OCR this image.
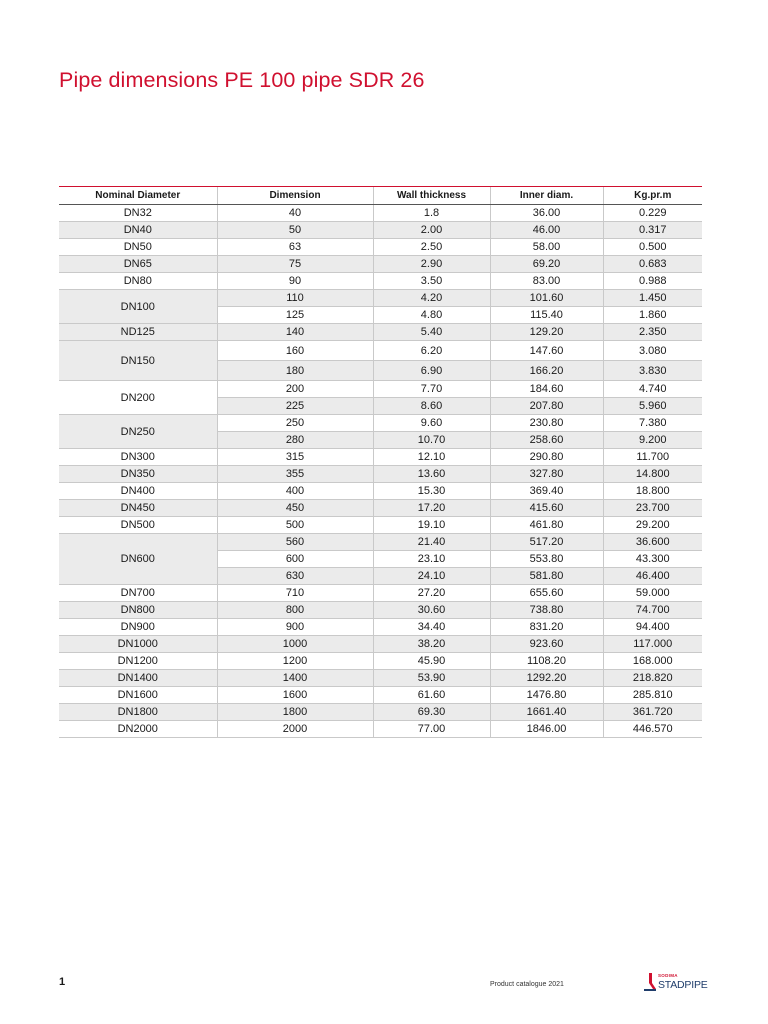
Pipe dimensions PE 100 pipe SDR 26
Nominal Diameter	Dimension	Wall thickness	Inner diam.	Kg.pr.m
DN32	40	1.8	36.00	0.229
DN40	50	2.00	46.00	0.317
DN50	63	2.50	58.00	0.500
DN65	75	2.90	69.20	0.683
DN80	90	3.50	83.00	0.988
DN100	110	4.20	101.60	1.450
	125	4.80	115.40	1.860
ND125	140	5.40	129.20	2.350
DN150	160	6.20	147.60	3.080
	180	6.90	166.20	3.830
DN200	200	7.70	184.60	4.740
	225	8.60	207.80	5.960
DN250	250	9.60	230.80	7.380
	280	10.70	258.60	9.200
DN300	315	12.10	290.80	11.700
DN350	355	13.60	327.80	14.800
DN400	400	15.30	369.40	18.800
DN450	450	17.20	415.60	23.700
DN500	500	19.10	461.80	29.200
DN600	560	21.40	517.20	36.600
	600	23.10	553.80	43.300
	630	24.10	581.80	46.400
DN700	710	27.20	655.60	59.000
DN800	800	30.60	738.80	74.700
DN900	900	34.40	831.20	94.400
DN1000	1000	38.20	923.60	117.000
DN1200	1200	45.90	1108.20	168.000
DN1400	1400	53.90	1292.20	218.820
DN1600	1600	61.60	1476.80	285.810
DN1800	1800	69.30	1661.40	361.720
DN2000	2000	77.00	1846.00	446.570
1	Product catalogue 2021
SODIMA
STADPIPE
